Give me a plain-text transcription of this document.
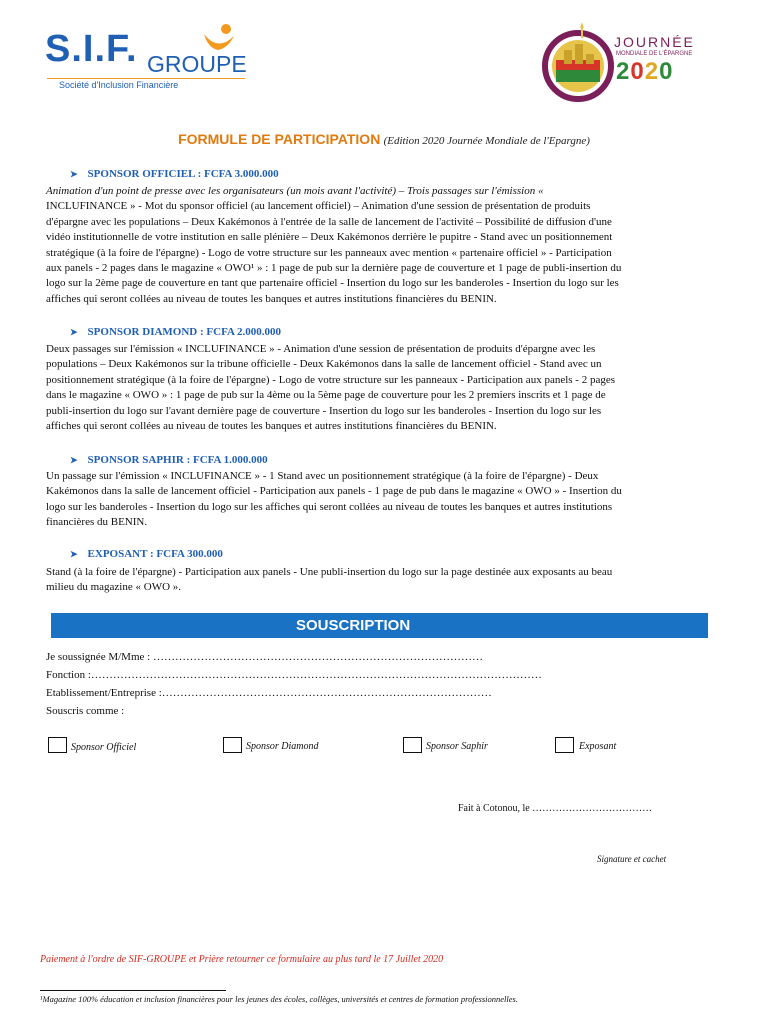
S.I.F. GROUPE
Société d'Inclusion Financière
JOURNÉE
MONDIALE DE L'ÉPARGNE
2020
FORMULE DE PARTICIPATION (Edition 2020 Journée Mondiale de l'Epargne)
➤ SPONSOR OFFICIEL : FCFA 3.000.000
Animation d'un point de presse avec les organisateurs (un mois avant l'activité) – Trois passages sur l'émission «
INCLUFINANCE » - Mot du sponsor officiel (au lancement officiel) – Animation d'une session de présentation de produits
d'épargne avec les populations – Deux Kakémonos à l'entrée de la salle de lancement de l'activité – Possibilité de diffusion d'une
vidéo institutionnelle de votre institution en salle plénière – Deux Kakémonos derrière le pupitre - Stand avec un positionnement
stratégique (à la foire de l'épargne) - Logo de votre structure sur les panneaux avec mention « partenaire officiel » - Participation
aux panels - 2 pages dans le magazine « OWO¹ » : 1 page de pub sur la dernière page de couverture et 1 page de publi-insertion du
logo sur la 2ème page de couverture en tant que partenaire officiel - Insertion du logo sur les banderoles - Insertion du logo sur les
affiches qui seront collées au niveau de toutes les banques et autres institutions financières du BENIN.
➤ SPONSOR DIAMOND : FCFA 2.000.000
Deux passages sur l'émission « INCLUFINANCE » - Animation d'une session de présentation de produits d'épargne avec les
populations – Deux Kakémonos sur la tribune officielle - Deux Kakémonos dans la salle de lancement officiel - Stand avec un
positionnement stratégique (à la foire de l'épargne) - Logo de votre structure sur les panneaux - Participation aux panels - 2 pages
dans le magazine « OWO » : 1 page de pub sur la 4ème ou la 5ème page de couverture pour les 2 premiers inscrits et 1 page de
publi-insertion du logo sur l'avant dernière page de couverture - Insertion du logo sur les banderoles - Insertion du logo sur les
affiches qui seront collées au niveau de toutes les banques et autres institutions financières du BENIN.
➤ SPONSOR SAPHIR : FCFA 1.000.000
Un passage sur l'émission « INCLUFINANCE » - 1 Stand avec un positionnement stratégique (à la foire de l'épargne) - Deux
Kakémonos dans la salle de lancement officiel - Participation aux panels - 1 page de pub dans le magazine « OWO » - Insertion du
logo sur les banderoles - Insertion du logo sur les affiches qui seront collées au niveau de toutes les banques et autres institutions
financières du BENIN.
➤ EXPOSANT : FCFA 300.000
Stand (à la foire de l'épargne) - Participation aux panels - Une publi-insertion du logo sur la page destinée aux exposants au beau
milieu du magazine « OWO ».
SOUSCRIPTION
Je soussignée M/Mme : ………………………………………………………………………………
Fonction :……………………………………………………………………………………………………………
Etablissement/Entreprise :………………………………………………………………………………
Souscris comme :
Sponsor Officiel	Sponsor Diamond	Sponsor Saphir	Exposant
Fait à Cotonou, le ………………………………
Signature et cachet
Paiement à l'ordre de SIF-GROUPE et Prière retourner ce formulaire au plus tard le 17 Juillet 2020
¹Magazine 100% éducation et inclusion financières pour les jeunes des écoles, collèges, universités et centres de formation professionnelles.
